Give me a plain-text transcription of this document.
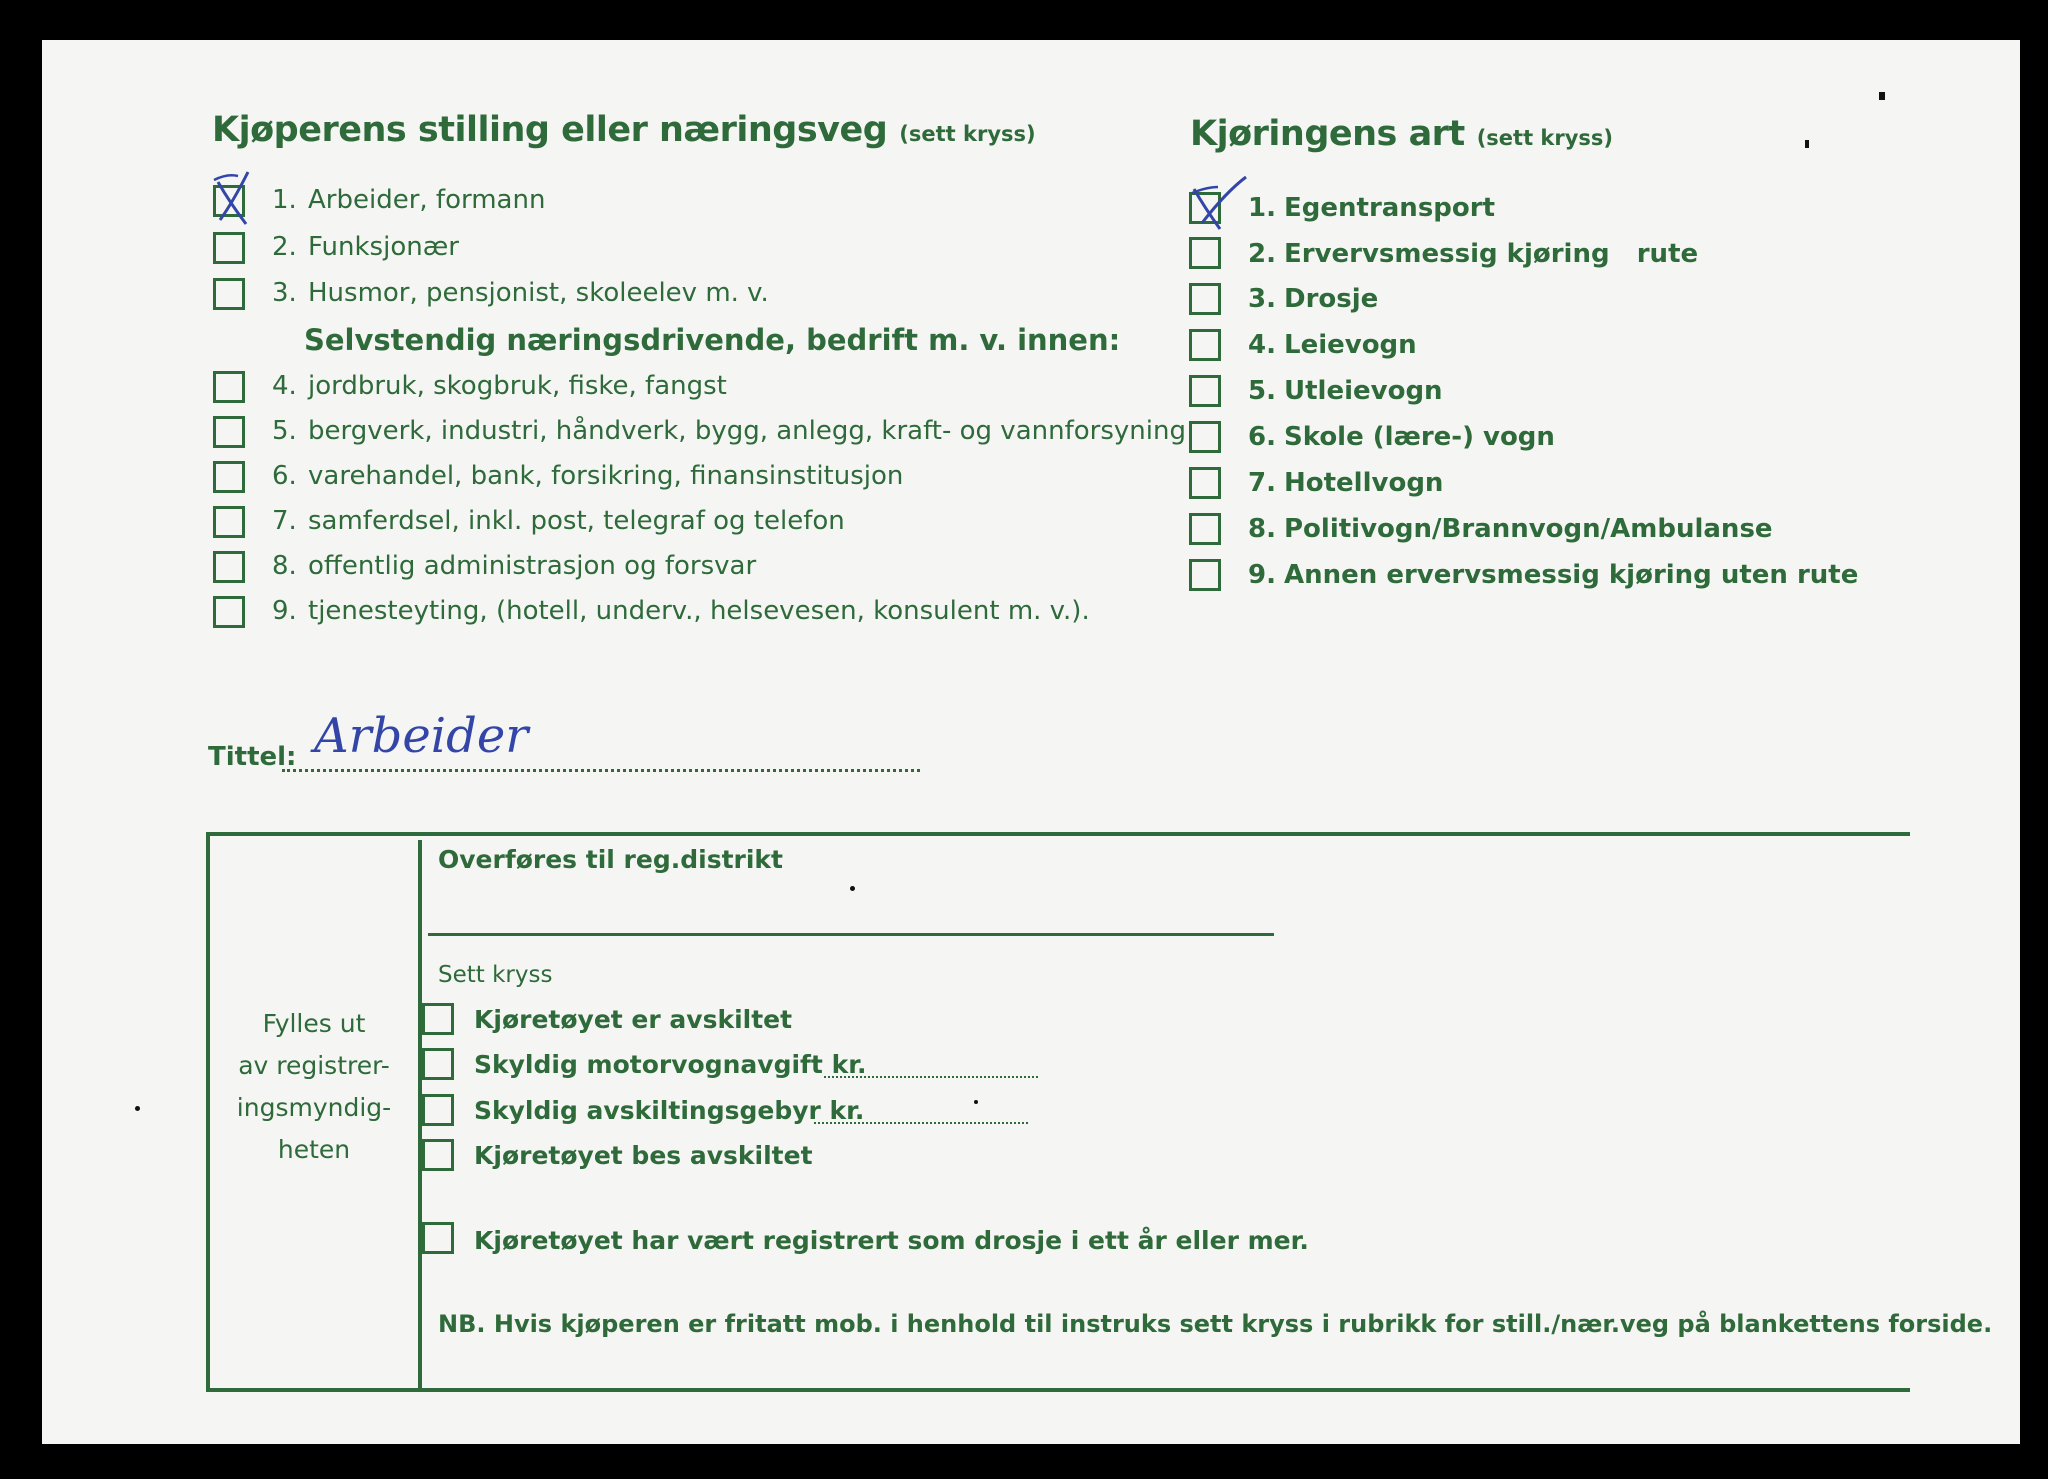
Kjøperens stilling eller næringsveg (sett kryss)
1. Arbeider, formann
2. Funksjonær
3. Husmor, pensjonist, skoleelev m. v.
Selvstendig næringsdrivende, bedrift m. v. innen:
4. jordbruk, skogbruk, fiske, fangst
5. bergverk, industri, håndverk, bygg, anlegg, kraft- og vannforsyning
6. varehandel, bank, forsikring, finansinstitusjon
7. samferdsel, inkl. post, telegraf og telefon
8. offentlig administrasjon og forsvar
9. tjenesteyting, (hotell, underv., helsevesen, konsulent m. v.).
Kjøringens art (sett kryss)
1. Egentransport
2. Ervervsmessig kjøring   rute
3. Drosje
4. Leievogn
5. Utleievogn
6. Skole (lære-) vogn
7. Hotellvogn
8. Politivogn/Brannvogn/Ambulanse
9. Annen ervervsmessig kjøring uten rute
Tittel: Arbeider
Fylles ut
av registrer-
ingsmyndig-
heten
Overføres til reg.distrikt
Sett kryss
Kjøretøyet er avskiltet
Skyldig motorvognavgift kr.
Skyldig avskiltingsgebyr kr.
Kjøretøyet bes avskiltet
Kjøretøyet har vært registrert som drosje i ett år eller mer.
NB. Hvis kjøperen er fritatt mob. i henhold til instruks sett kryss i rubrikk for still./nær.veg på blankettens forside.
